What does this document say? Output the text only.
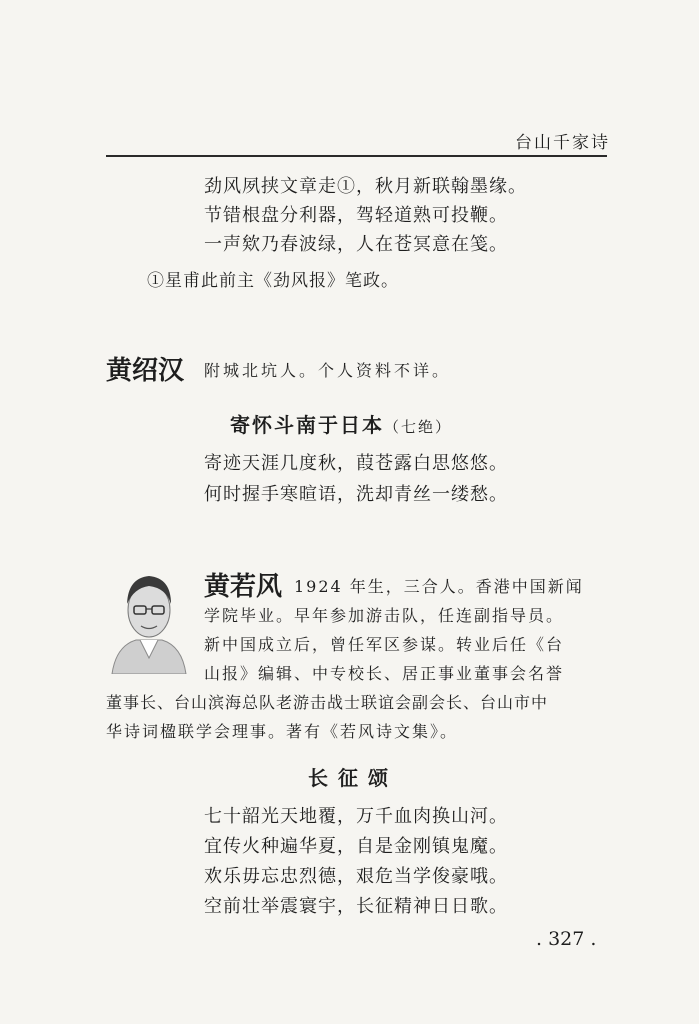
台山千家诗
劲风夙挟文章走①，秋月新联翰墨缘。
节错根盘分利器，驾轻道熟可投鞭。
一声欸乃春波绿，人在苍冥意在笺。
①星甫此前主《劲风报》笔政。
黄绍汉 附城北坑人。个人资料不详。
寄怀斗南于日本（七绝）
寄迹天涯几度秋，葭苍露白思悠悠。
何时握手寒暄语，洗却青丝一缕愁。
黄若风 1924 年生，三合人。香港中国新闻
学院毕业。早年参加游击队，任连副指导员。
新中国成立后，曾任军区参谋。转业后任《台
山报》编辑、中专校长、居正事业董事会名誉
董事长、台山滨海总队老游击战士联谊会副会长、台山市中
华诗词楹联学会理事。著有《若风诗文集》。
长征颂
七十韶光天地覆，万千血肉换山河。
宜传火种遍华夏，自是金刚镇鬼魔。
欢乐毋忘忠烈德，艰危当学俊豪哦。
空前壮举震寰宇，长征精神日日歌。
. 327 .
